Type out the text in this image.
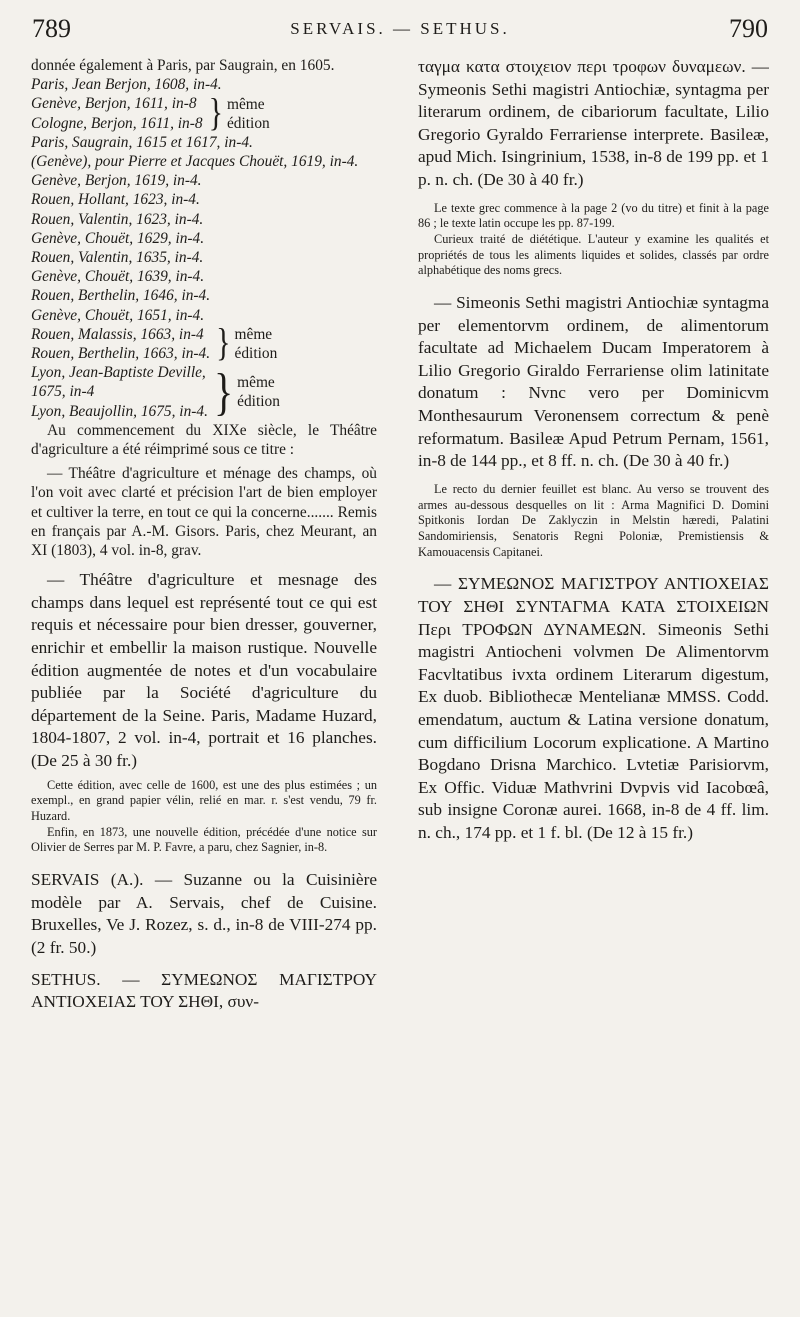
789	SERVAIS. — SETHUS.	790

donnée également à Paris, par Saugrain, en 1605.

Paris, Jean Berjon, 1608, in-4.

Genève, Berjon, 1611, in-8
Cologne, Berjon, 1611, in-8 } même
édition

Paris, Saugrain, 1615 et 1617, in-4.

(Genève), pour Pierre et Jacques Chouët, 1619, in-4.

Genève, Berjon, 1619, in-4.

Rouen, Hollant, 1623, in-4.

Rouen, Valentin, 1623, in-4.

Genève, Chouët, 1629, in-4.

Rouen, Valentin, 1635, in-4.

Genève, Chouët, 1639, in-4.

Rouen, Berthelin, 1646, in-4.

Genève, Chouët, 1651, in-4.

Rouen, Malassis, 1663, in-4
Rouen, Berthelin, 1663, in-4. } même
édition
Lyon, Jean-Baptiste Deville,
1675, in-4
Lyon, Beaujollin, 1675, in-4. } même
édition

Au commencement du XIXe siècle, le Théâtre d'agriculture a été réimprimé sous ce titre :

— Théâtre d'agriculture et ménage des champs, où l'on voit avec clarté et précision l'art de bien employer et cultiver la terre, en tout ce qui la concerne....... Remis en français par A.-M. Gisors. Paris, chez Meurant, an XI (1803), 4 vol. in-8, grav.

— Théâtre d'agriculture et mesnage des champs dans lequel est représenté tout ce qui est requis et nécessaire pour bien dresser, gouverner, enrichir et embellir la maison rustique. Nouvelle édition augmentée de notes et d'un vocabulaire publiée par la Société d'agriculture du département de la Seine. Paris, Madame Huzard, 1804-1807, 2 vol. in-4, portrait et 16 planches. (De 25 à 30 fr.)

Cette édition, avec celle de 1600, est une des plus estimées ; un exempl., en grand papier vélin, relié en mar. r. s'est vendu, 79 fr. Huzard.

Enfin, en 1873, une nouvelle édition, précédée d'une notice sur Olivier de Serres par M. P. Favre, a paru, chez Sagnier, in-8.

SERVAIS (A.). — Suzanne ou la Cuisinière modèle par A. Servais, chef de Cuisine. Bruxelles, Ve J. Rozez, s. d., in-8 de VIII-274 pp. (2 fr. 50.)

SETHUS. — ΣΥΜΕΩΝΟΣ ΜΑΓΙΣΤΡΟΥ ΑΝΤΙΟΧΕΙΑΣ ΤΟΥ ΣΗΘΙ, συν-

ταγμα κατα στοιχειον περι τροφων δυναμεων. — Symeonis Sethi magistri Antiochiæ, syntagma per literarum ordinem, de cibariorum facultate, Lilio Gregorio Gyraldo Ferrariense interprete. Basileæ, apud Mich. Isingrinium, 1538, in-8 de 199 pp. et 1 p. n. ch. (De 30 à 40 fr.)

Le texte grec commence à la page 2 (vo du titre) et finit à la page 86 ; le texte latin occupe les pp. 87-199.

Curieux traité de diététique. L'auteur y examine les qualités et propriétés de tous les aliments liquides et solides, classés par ordre alphabétique des noms grecs.

— Simeonis Sethi magistri Antiochiæ syntagma per elementorvm ordinem, de alimentorum facultate ad Michaelem Ducam Imperatorem à Lilio Gregorio Giraldo Ferrariense olim latinitate donatum : Nvnc vero per Dominicvm Monthesaurum Veronensem correctum & penè reformatum. Basileæ Apud Petrum Pernam, 1561, in-8 de 144 pp., et 8 ff. n. ch. (De 30 à 40 fr.)

Le recto du dernier feuillet est blanc. Au verso se trouvent des armes au-dessous desquelles on lit : Arma Magnifici D. Domini Spitkonis Iordan De Zaklyczin in Melstin hæredi, Palatini Sandomiriensis, Senatoris Regni Poloniæ, Premistiensis & Kamouacensis Capitanei.

— ΣΥΜΕΩΝΟΣ ΜΑΓΙΣΤΡΟΥ ΑΝΤΙΟΧΕΙΑΣ ΤΟΥ ΣΗΘΙ ΣΥΝΤΑΓΜΑ ΚΑΤΑ ΣΤΟΙΧΕΙΩΝ Περι ΤΡΟΦΩΝ ΔΥΝΑΜΕΩΝ. Simeonis Sethi magistri Antiocheni volvmen De Alimentorvm Facvltatibus ivxta ordinem Literarum digestum, Ex duob. Bibliothecæ Mentelianæ MMSS. Codd. emendatum, auctum & Latina versione donatum, cum difficilium Locorum explicatione. A Martino Bogdano Drisna Marchico. Lvtetiæ Parisiorvm, Ex Offic. Viduæ Mathvrini Dvpvis vid Iacobœâ, sub insigne Coronæ aurei. 1668, in-8 de 4 ff. lim. n. ch., 174 pp. et 1 f. bl. (De 12 à 15 fr.)
